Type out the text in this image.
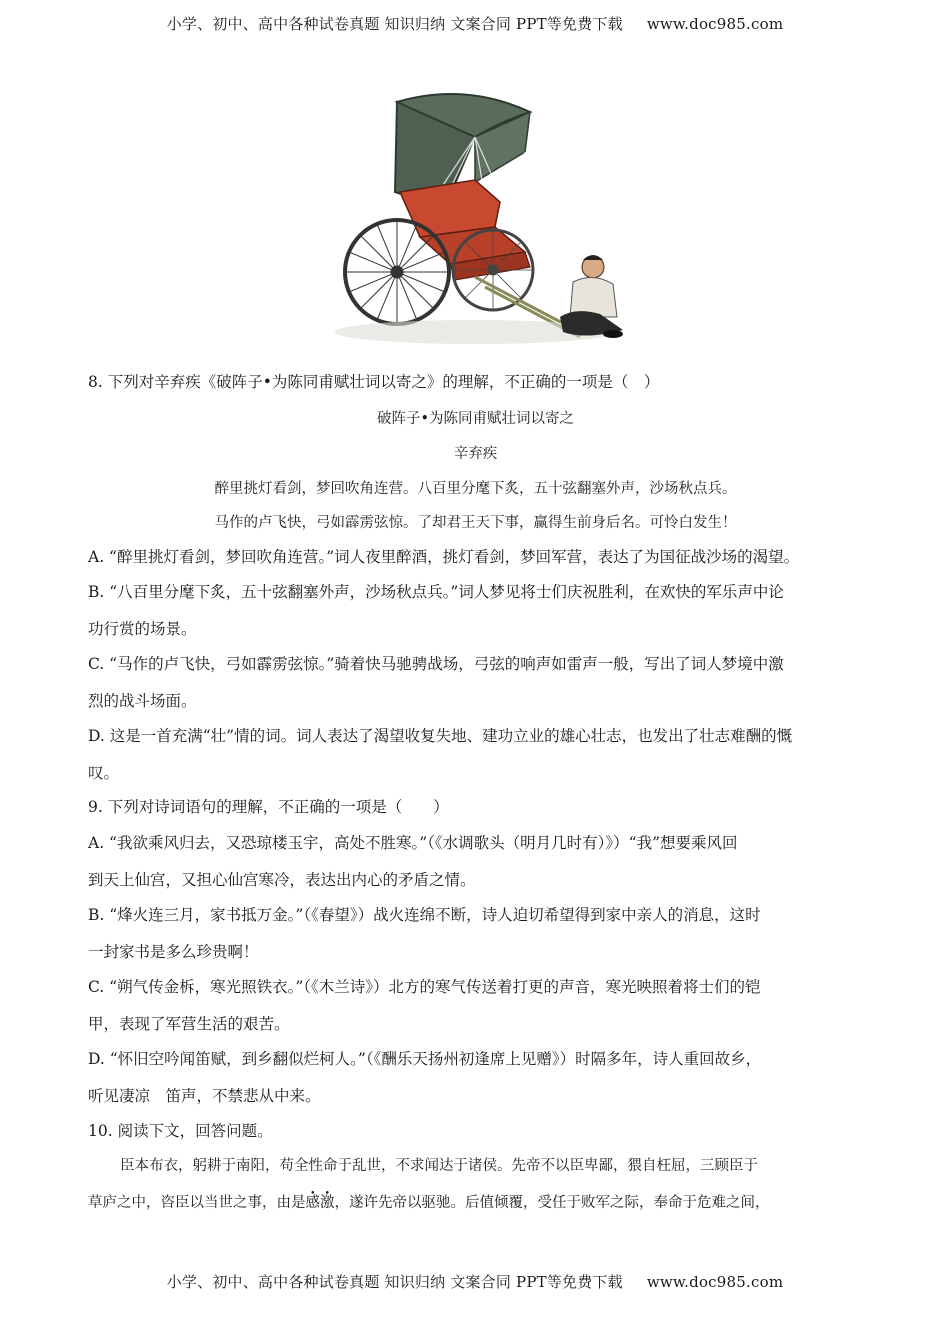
小学、初中、高中各种试卷真题 知识归纳 文案合同 PPT等免费下载 www.doc985.com
8. 下列对辛弃疾《破阵子•为陈同甫赋壮词以寄之》的理解，不正确的一项是（　）
破阵子•为陈同甫赋壮词以寄之
辛弃疾
醉里挑灯看剑，梦回吹角连营。八百里分麾下炙，五十弦翻塞外声，沙场秋点兵。
马作的卢飞快，弓如霹雳弦惊。了却君王天下事，赢得生前身后名。可怜白发生！
A. “醉里挑灯看剑，梦回吹角连营。”词人夜里醉酒，挑灯看剑，梦回军营，表达了为国征战沙场的渴望。
B. “八百里分麾下炙，五十弦翻塞外声，沙场秋点兵。”词人梦见将士们庆祝胜利，在欢快的军乐声中论
功行赏的场景。
C. “马作的卢飞快，弓如霹雳弦惊。”骑着快马驰骋战场，弓弦的响声如雷声一般，写出了词人梦境中激
烈的战斗场面。
D. 这是一首充满“壮”情的词。词人表达了渴望收复失地、建功立业的雄心壮志，也发出了壮志难酬的慨
叹。
9. 下列对诗词语句的理解，不正确的一项是（　　）
A. “我欲乘风归去，又恐琼楼玉宇，高处不胜寒。”（《水调歌头（明月几时有）》）“我”想要乘风回
到天上仙宫，又担心仙宫寒冷，表达出内心的矛盾之情。
B. “烽火连三月，家书抵万金。”（《春望》）战火连绵不断，诗人迫切希望得到家中亲人的消息，这时
一封家书是多么珍贵啊！
C. “朔气传金柝，寒光照铁衣。”（《木兰诗》）北方的寒气传送着打更的声音，寒光映照着将士们的铠
甲，表现了军营生活的艰苦。
D. “怀旧空吟闻笛赋，到乡翻似烂柯人。”（《酬乐天扬州初逢席上见赠》）时隔多年，诗人重回故乡，
听见凄凉　笛声，不禁悲从中来。
10. 阅读下文，回答问题。
臣本布衣，躬耕于南阳，苟全性命于乱世，不求闻达于诸侯。先帝不以臣卑鄙，猥自枉屈，三顾臣于
草庐之中，咨臣以当世之事，由是感激，遂许先帝以驱驰。后值倾覆，受任于败军之际，奉命于危难之间，
小学、初中、高中各种试卷真题 知识归纳 文案合同 PPT等免费下载 www.doc985.com
